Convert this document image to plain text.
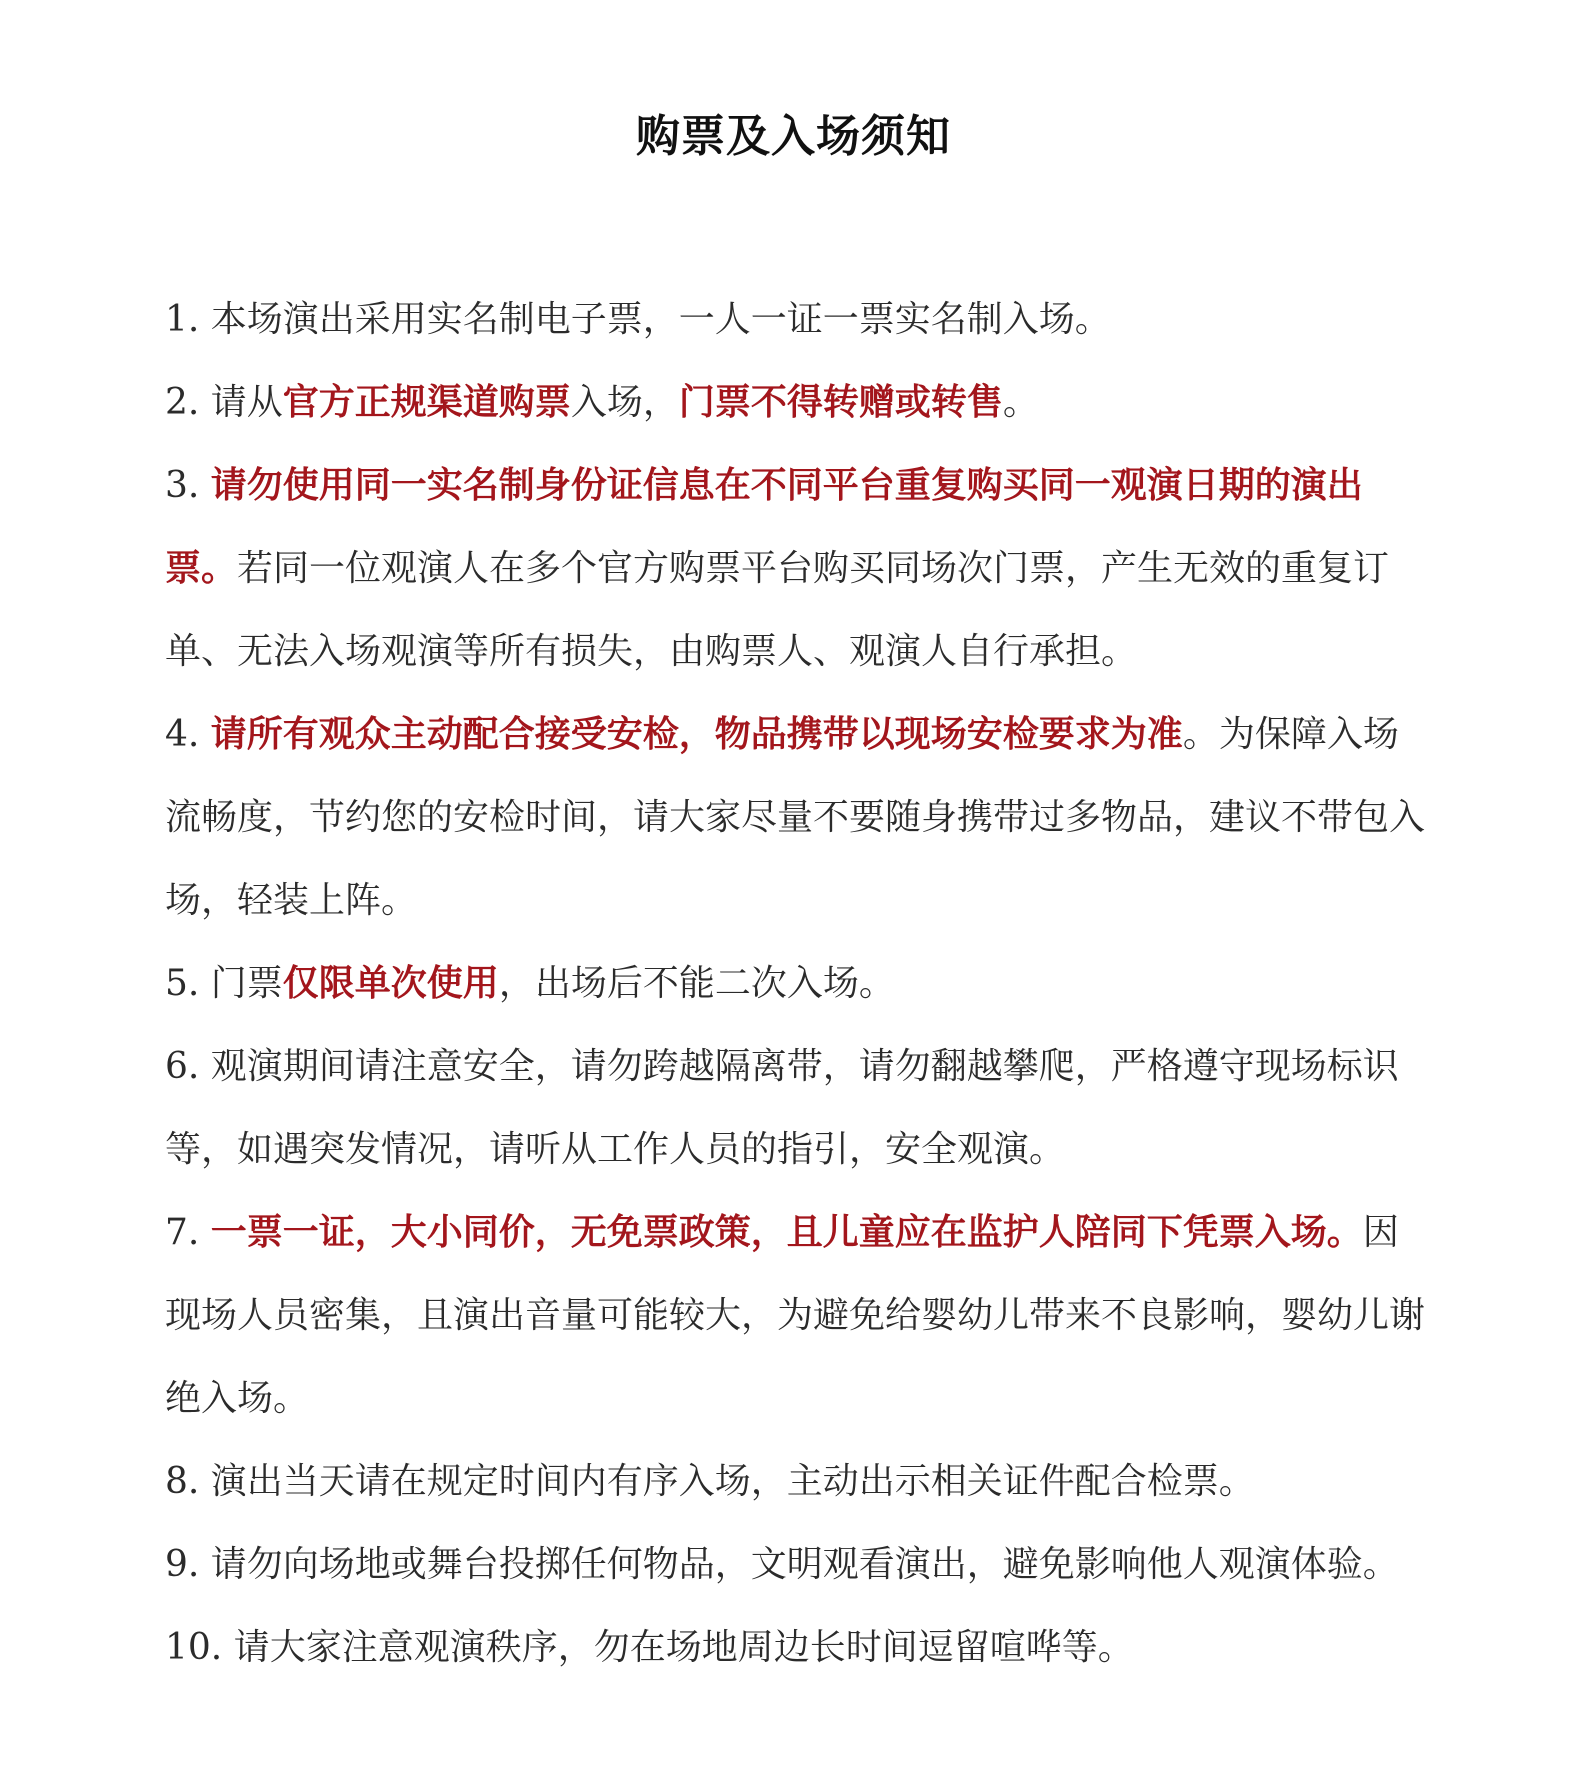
购票及入场须知
1. 本场演出采用实名制电子票，一人一证一票实名制入场。
2. 请从官方正规渠道购票入场，门票不得转赠或转售。
3. 请勿使用同一实名制身份证信息在不同平台重复购买同一观演日期的演出票。若同一位观演人在多个官方购票平台购买同场次门票，产生无效的重复订单、无法入场观演等所有损失，由购票人、观演人自行承担。
4. 请所有观众主动配合接受安检，物品携带以现场安检要求为准。为保障入场流畅度，节约您的安检时间，请大家尽量不要随身携带过多物品，建议不带包入场，轻装上阵。
5. 门票仅限单次使用，出场后不能二次入场。
6. 观演期间请注意安全，请勿跨越隔离带，请勿翻越攀爬，严格遵守现场标识等，如遇突发情况，请听从工作人员的指引，安全观演。
7. 一票一证，大小同价，无免票政策，且儿童应在监护人陪同下凭票入场。因现场人员密集，且演出音量可能较大，为避免给婴幼儿带来不良影响，婴幼儿谢绝入场。
8. 演出当天请在规定时间内有序入场，主动出示相关证件配合检票。
9. 请勿向场地或舞台投掷任何物品，文明观看演出，避免影响他人观演体验。
10. 请大家注意观演秩序，勿在场地周边长时间逗留喧哗等。
